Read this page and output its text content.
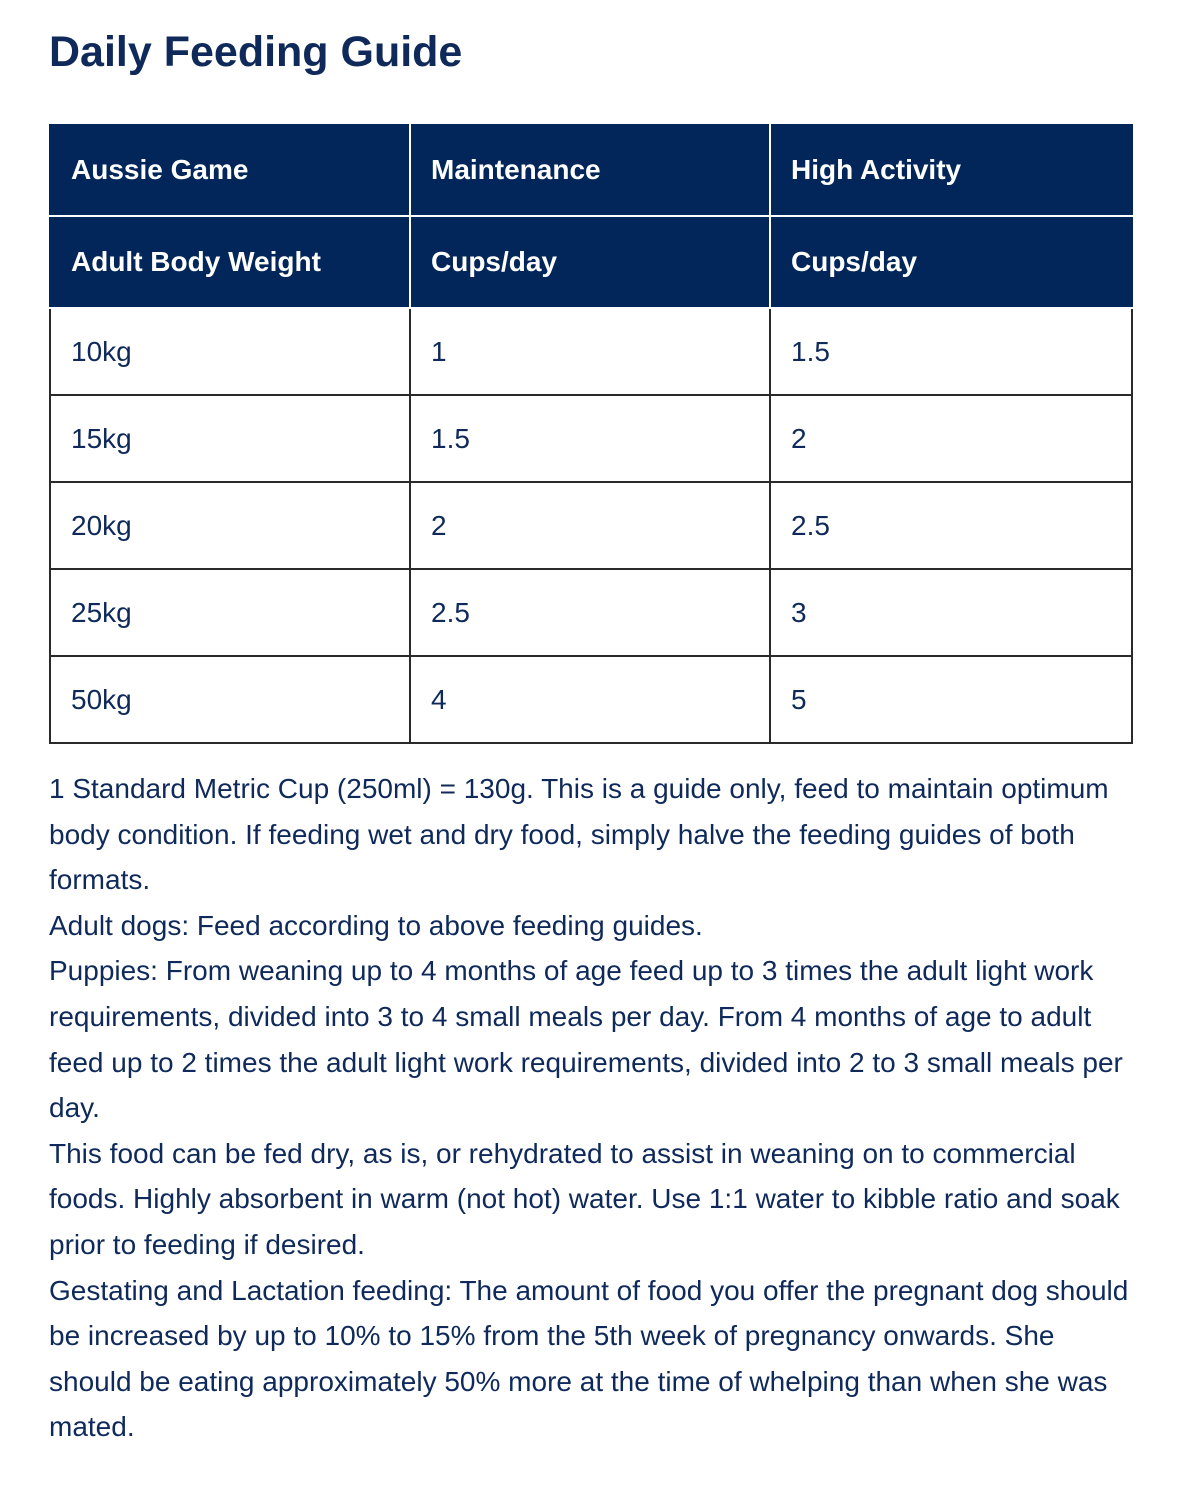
Daily Feeding Guide
Aussie Game	Maintenance	High Activity
Adult Body Weight	Cups/day	Cups/day
10kg	1	1.5
15kg	1.5	2
20kg	2	2.5
25kg	2.5	3
50kg	4	5

1 Standard Metric Cup (250ml) = 130g. This is a guide only, feed to maintain optimum body condition. If feeding wet and dry food, simply halve the feeding guides of both formats.

Adult dogs: Feed according to above feeding guides.

Puppies: From weaning up to 4 months of age feed up to 3 times the adult light work requirements, divided into 3 to 4 small meals per day. From 4 months of age to adult feed up to 2 times the adult light work requirements, divided into 2 to 3 small meals per day.

This food can be fed dry, as is, or rehydrated to assist in weaning on to commercial foods. Highly absorbent in warm (not hot) water. Use 1:1 water to kibble ratio and soak prior to feeding if desired.

Gestating and Lactation feeding: The amount of food you offer the pregnant dog should be increased by up to 10% to 15% from the 5th week of pregnancy onwards. She should be eating approximately 50% more at the time of whelping than when she was mated.
